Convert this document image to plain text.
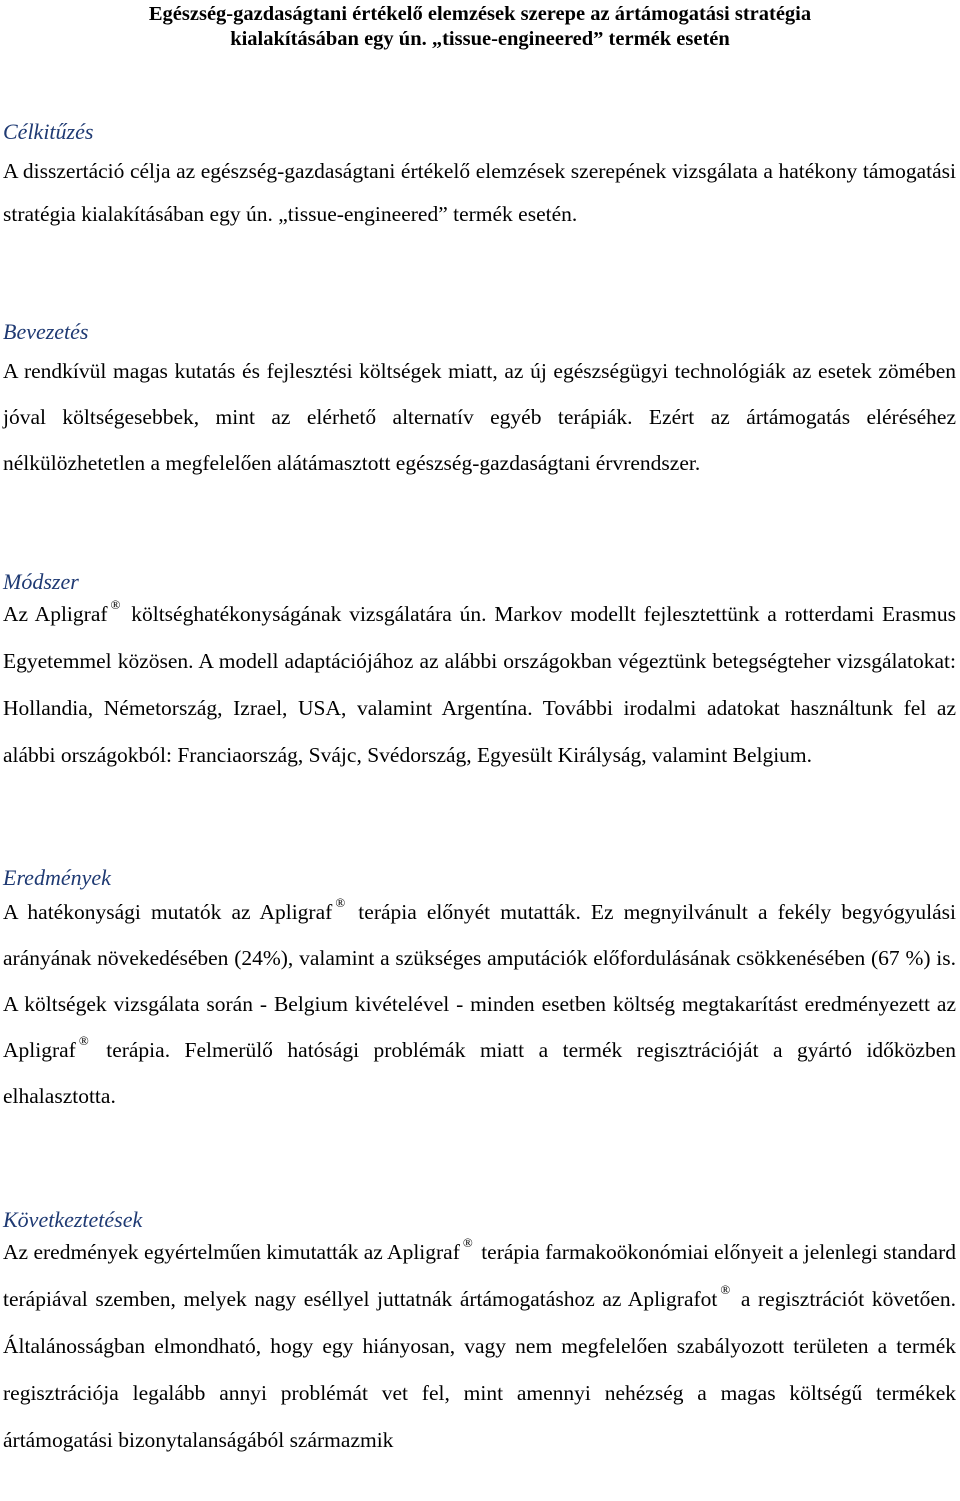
Egészség-gazdaságtani értékelő elemzések szerepe az ártámogatási stratégia
kialakításában egy ún. „tissue-engineered” termék esetén
Célkitűzés
A disszertáció célja az egészség-gazdaságtani értékelő elemzések szerepének vizsgálata a hatékony támogatási stratégia kialakításában egy ún. „tissue-engineered” termék esetén.
Bevezetés
A rendkívül magas kutatás és fejlesztési költségek miatt, az új egészségügyi technológiák az esetek zömében jóval költségesebbek, mint az elérhető alternatív egyéb terápiák. Ezért az ártámogatás eléréséhez nélkülözhetetlen a megfelelően alátámasztott egészség-gazdaságtani érvrendszer.
Módszer
Az Apligraf ® költséghatékonyságának vizsgálatára ún. Markov modellt fejlesztettünk a rotterdami Erasmus Egyetemmel közösen. A modell adaptációjához az alábbi országokban végeztünk betegségteher vizsgálatokat: Hollandia, Németország, Izrael, USA, valamint Argentína. További irodalmi adatokat használtunk fel az alábbi országokból: Franciaország, Svájc, Svédország, Egyesült Királyság, valamint Belgium.
Eredmények
A hatékonysági mutatók az Apligraf ® terápia előnyét mutatták. Ez megnyilvánult a fekély begyógyulási arányának növekedésében (24%), valamint a szükséges amputációk előfordulásának csökkenésében (67 %) is. A költségek vizsgálata során - Belgium kivételével - minden esetben költség megtakarítást eredményezett az Apligraf ® terápia. Felmerülő hatósági problémák miatt a termék regisztrációját a gyártó időközben elhalasztotta.
Következtetések
Az eredmények egyértelműen kimutatták az Apligraf ® terápia farmakoökonómiai előnyeit a jelenlegi standard terápiával szemben, melyek nagy eséllyel juttatnák ártámogatáshoz az Apligrafot ® a regisztrációt követően. Általánosságban elmondható, hogy egy hiányosan, vagy nem megfelelően szabályozott területen a termék regisztrációja legalább annyi problémát vet fel, mint amennyi nehézség a magas költségű termékek ártámogatási bizonytalanságából származmik
